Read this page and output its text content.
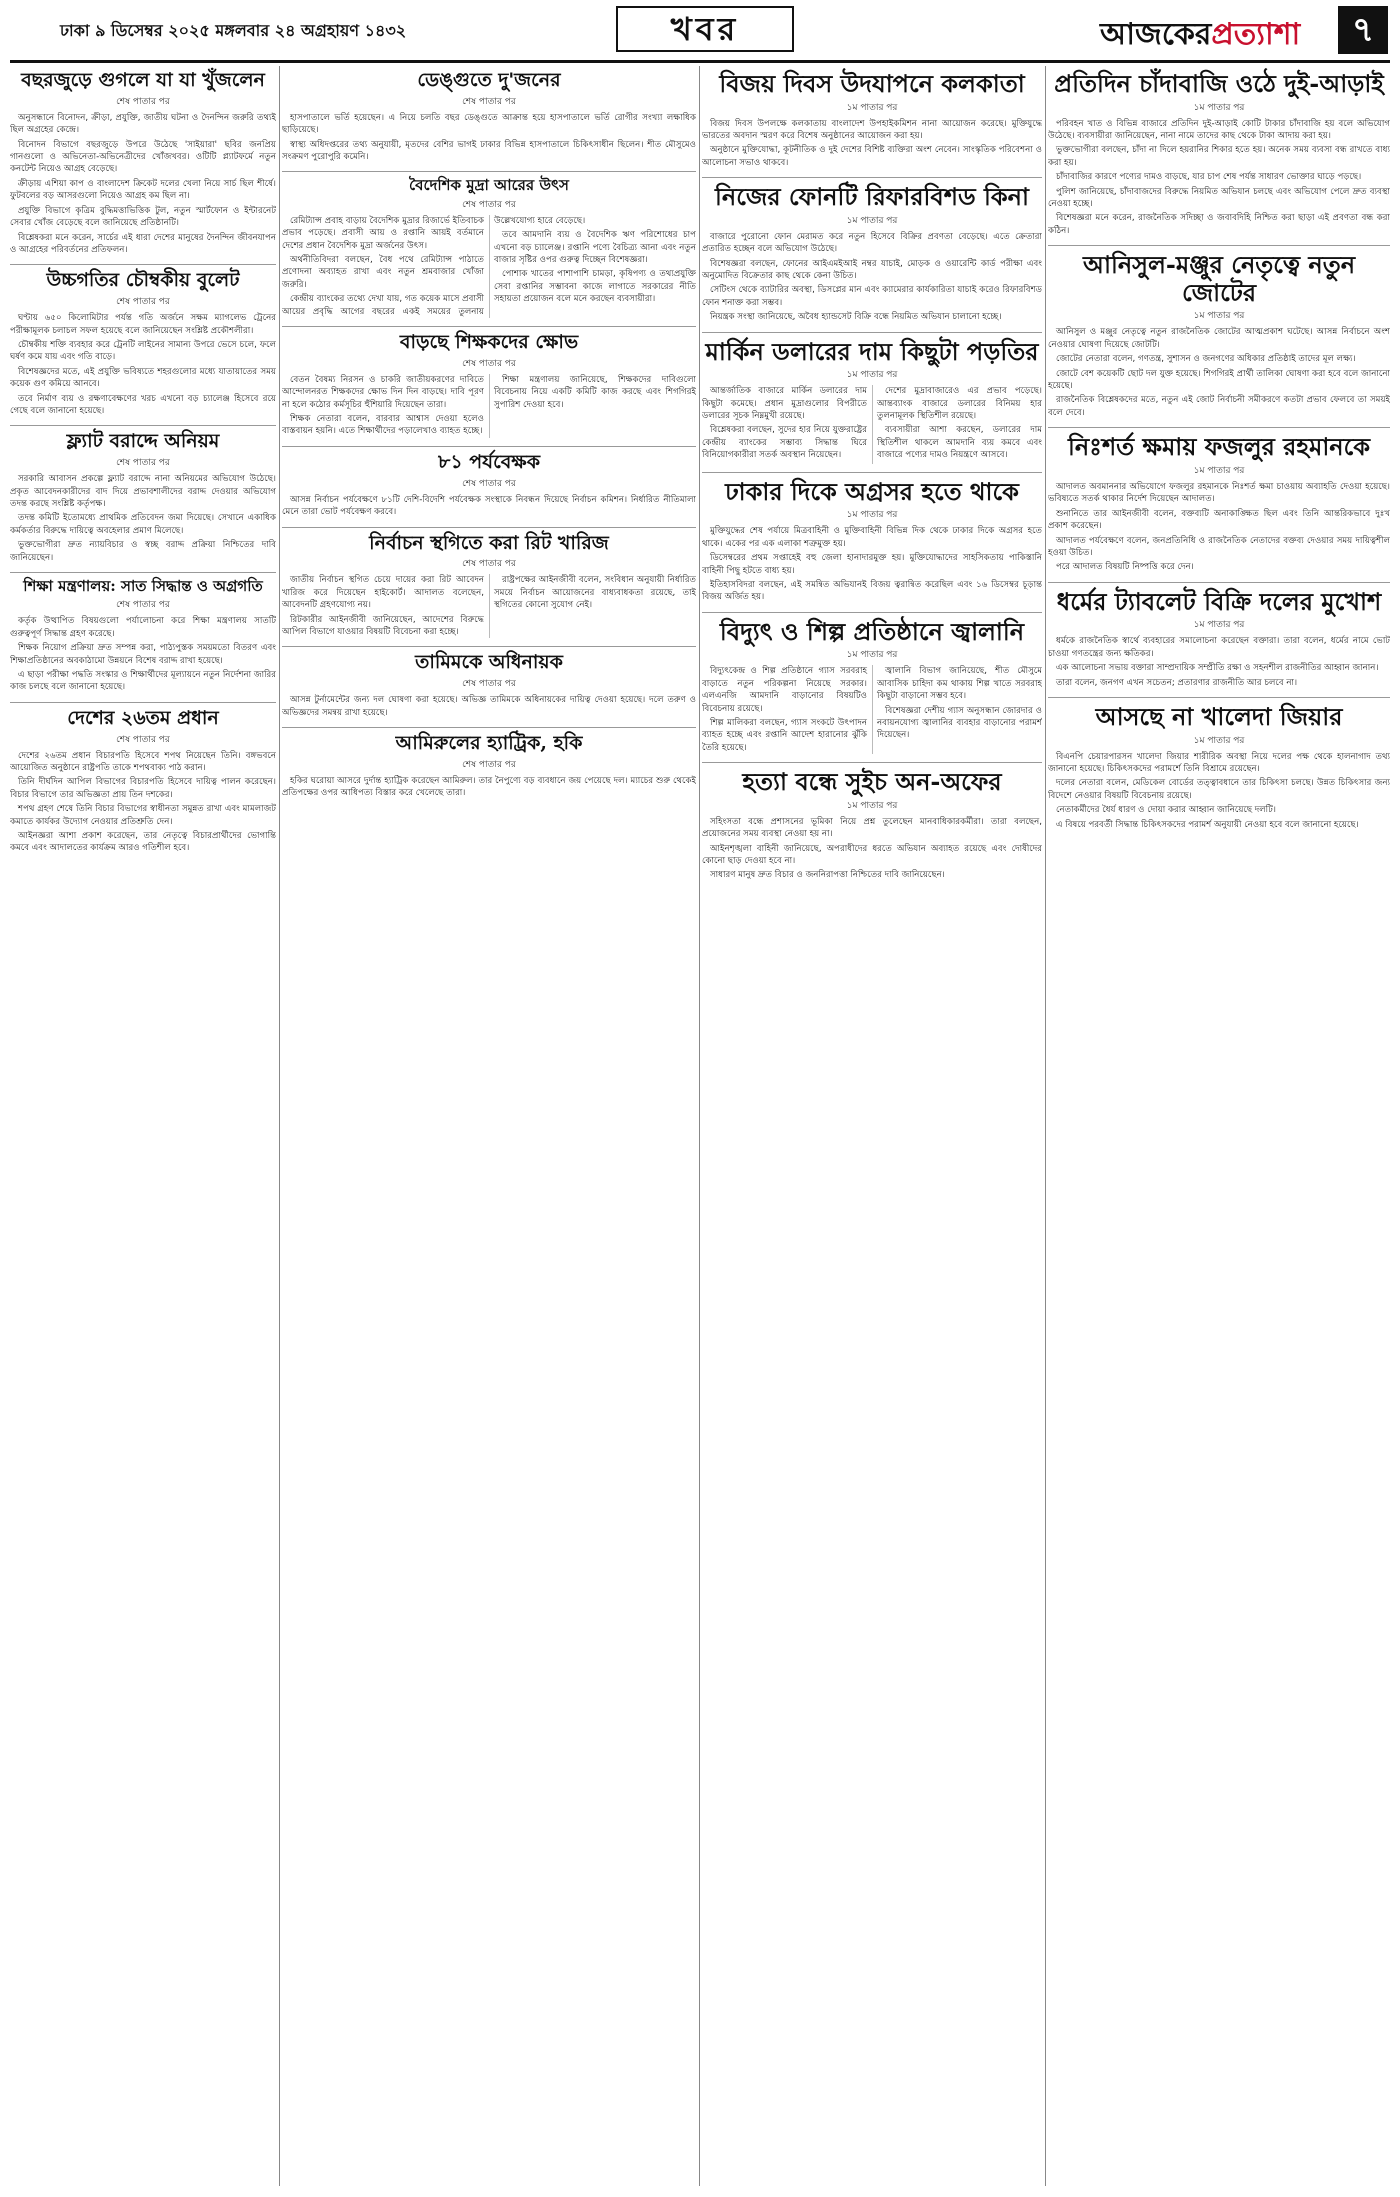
ঢাকা ৯ ডিসেম্বর ২০২৫ মঙ্গলবার ২৪ অগ্রহায়ণ ১৪৩২	খবর	আজকেরপ্রত্যাশা	৭
বছরজুড়ে গুগলে যা যা খুঁজলেন
শেষ পাতার পর

অনুসন্ধানে বিনোদন, ক্রীড়া, প্রযুক্তি, জাতীয় ঘটনা ও দৈনন্দিন জরুরি তথ্যই ছিল অগ্রহের কেন্দ্রে।

বিনোদন বিভাগে বছরজুড়ে উপরে উঠেছে 'সাইয়ারা' ছবির জনপ্রিয় গানগুলো ও অভিনেতা-অভিনেত্রীদের খোঁজখবর। ওটিটি প্ল্যাটফর্মে নতুন কনটেন্ট নিয়েও আগ্রহ বেড়েছে।

ক্রীড়ায় এশিয়া কাপ ও বাংলাদেশ ক্রিকেট দলের খেলা নিয়ে সার্চ ছিল শীর্ষে। ফুটবলের বড় আসরগুলো নিয়েও আগ্রহ কম ছিল না।

প্রযুক্তি বিভাগে কৃত্রিম বুদ্ধিমত্তাভিত্তিক টুল, নতুন স্মার্টফোন ও ইন্টারনেট সেবার খোঁজ বেড়েছে বলে জানিয়েছে প্রতিষ্ঠানটি।

বিশ্লেষকরা মনে করেন, সার্চের এই ধারা দেশের মানুষের দৈনন্দিন জীবনযাপন ও আগ্রহের পরিবর্তনের প্রতিফলন।

উচ্চগতির চৌম্বকীয় বুলেট
শেষ পাতার পর

ঘণ্টায় ৬৫০ কিলোমিটার পর্যন্ত গতি অর্জনে সক্ষম ম্যাগলেভ ট্রেনের পরীক্ষামূলক চলাচল সফল হয়েছে বলে জানিয়েছেন সংশ্লিষ্ট প্রকৌশলীরা।

চৌম্বকীয় শক্তি ব্যবহার করে ট্রেনটি লাইনের সামান্য উপরে ভেসে চলে, ফলে ঘর্ষণ কমে যায় এবং গতি বাড়ে।

বিশেষজ্ঞদের মতে, এই প্রযুক্তি ভবিষ্যতে শহরগুলোর মধ্যে যাতায়াতের সময় কয়েক গুণ কমিয়ে আনবে।

তবে নির্মাণ ব্যয় ও রক্ষণাবেক্ষণের খরচ এখনো বড় চ্যালেঞ্জ হিসেবে রয়ে গেছে বলে জানানো হয়েছে।

ফ্ল্যাট বরাদ্দে অনিয়ম
শেষ পাতার পর

সরকারি আবাসন প্রকল্পে ফ্ল্যাট বরাদ্দে নানা অনিয়মের অভিযোগ উঠেছে। প্রকৃত আবেদনকারীদের বাদ দিয়ে প্রভাবশালীদের বরাদ্দ দেওয়ার অভিযোগ তদন্ত করছে সংশ্লিষ্ট কর্তৃপক্ষ।

তদন্ত কমিটি ইতোমধ্যে প্রাথমিক প্রতিবেদন জমা দিয়েছে। সেখানে একাধিক কর্মকর্তার বিরুদ্ধে দায়িত্বে অবহেলার প্রমাণ মিলেছে।

ভুক্তভোগীরা দ্রুত ন্যায়বিচার ও স্বচ্ছ বরাদ্দ প্রক্রিয়া নিশ্চিতের দাবি জানিয়েছেন।

শিক্ষা মন্ত্রণালয়: সাত সিদ্ধান্ত ও অগ্রগতি
শেষ পাতার পর

কর্তৃক উত্থাপিত বিষয়গুলো পর্যালোচনা করে শিক্ষা মন্ত্রণালয় সাতটি গুরুত্বপূর্ণ সিদ্ধান্ত গ্রহণ করেছে।

শিক্ষক নিয়োগ প্রক্রিয়া দ্রুত সম্পন্ন করা, পাঠ্যপুস্তক সময়মতো বিতরণ এবং শিক্ষাপ্রতিষ্ঠানের অবকাঠামো উন্নয়নে বিশেষ বরাদ্দ রাখা হয়েছে।

এ ছাড়া পরীক্ষা পদ্ধতি সংস্কার ও শিক্ষার্থীদের মূল্যায়নে নতুন নির্দেশনা জারির কাজ চলছে বলে জানানো হয়েছে।

দেশের ২৬তম প্রধান
শেষ পাতার পর

দেশের ২৬তম প্রধান বিচারপতি হিসেবে শপথ নিয়েছেন তিনি। বঙ্গভবনে আয়োজিত অনুষ্ঠানে রাষ্ট্রপতি তাকে শপথবাক্য পাঠ করান।

তিনি দীর্ঘদিন আপিল বিভাগের বিচারপতি হিসেবে দায়িত্ব পালন করেছেন। বিচার বিভাগে তার অভিজ্ঞতা প্রায় তিন দশকের।

শপথ গ্রহণ শেষে তিনি বিচার বিভাগের স্বাধীনতা সমুন্নত রাখা এবং মামলাজট কমাতে কার্যকর উদ্যোগ নেওয়ার প্রতিশ্রুতি দেন।

আইনজ্ঞরা আশা প্রকাশ করেছেন, তার নেতৃত্বে বিচারপ্রার্থীদের ভোগান্তি কমবে এবং আদালতের কার্যক্রম আরও গতিশীল হবে।

ডেঙ্গুতে দু'জনের
শেষ পাতার পর

হাসপাতালে ভর্তি হয়েছেন। এ নিয়ে চলতি বছর ডেঙ্গুতে আক্রান্ত হয়ে হাসপাতালে ভর্তি রোগীর সংখ্যা লক্ষাধিক ছাড়িয়েছে।

স্বাস্থ্য অধিদপ্তরের তথ্য অনুযায়ী, মৃতদের বেশির ভাগই ঢাকার বিভিন্ন হাসপাতালে চিকিৎসাধীন ছিলেন। শীত মৌসুমেও সংক্রমণ পুরোপুরি কমেনি।

বৈদেশিক মুদ্রা আরের উৎস
শেষ পাতার পর

রেমিট্যান্স প্রবাহ বাড়ায় বৈদেশিক মুদ্রার রিজার্ভে ইতিবাচক প্রভাব পড়েছে। প্রবাসী আয় ও রপ্তানি আয়ই বর্তমানে দেশের প্রধান বৈদেশিক মুদ্রা অর্জনের উৎস।

অর্থনীতিবিদরা বলছেন, বৈধ পথে রেমিট্যান্স পাঠাতে প্রণোদনা অব্যাহত রাখা এবং নতুন শ্রমবাজার খোঁজা জরুরি।

কেন্দ্রীয় ব্যাংকের তথ্যে দেখা যায়, গত কয়েক মাসে প্রবাসী আয়ের প্রবৃদ্ধি আগের বছরের একই সময়ের তুলনায় উল্লেখযোগ্য হারে বেড়েছে।

তবে আমদানি ব্যয় ও বৈদেশিক ঋণ পরিশোধের চাপ এখনো বড় চ্যালেঞ্জ। রপ্তানি পণ্যে বৈচিত্র্য আনা এবং নতুন বাজার সৃষ্টির ওপর গুরুত্ব দিচ্ছেন বিশেষজ্ঞরা।

পোশাক খাতের পাশাপাশি চামড়া, কৃষিপণ্য ও তথ্যপ্রযুক্তি সেবা রপ্তানির সম্ভাবনা কাজে লাগাতে সরকারের নীতি সহায়তা প্রয়োজন বলে মনে করছেন ব্যবসায়ীরা।

বাড়ছে শিক্ষকদের ক্ষোভ
শেষ পাতার পর

বেতন বৈষম্য নিরসন ও চাকরি জাতীয়করণের দাবিতে আন্দোলনরত শিক্ষকদের ক্ষোভ দিন দিন বাড়ছে। দাবি পূরণ না হলে কঠোর কর্মসূচির হুঁশিয়ারি দিয়েছেন তারা।

শিক্ষক নেতারা বলেন, বারবার আশ্বাস দেওয়া হলেও বাস্তবায়ন হয়নি। এতে শিক্ষার্থীদের পড়ালেখাও ব্যাহত হচ্ছে।

শিক্ষা মন্ত্রণালয় জানিয়েছে, শিক্ষকদের দাবিগুলো বিবেচনায় নিয়ে একটি কমিটি কাজ করছে এবং শিগগিরই সুপারিশ দেওয়া হবে।

৮১ পর্যবেক্ষক
শেষ পাতার পর

আসন্ন নির্বাচন পর্যবেক্ষণে ৮১টি দেশি-বিদেশি পর্যবেক্ষক সংস্থাকে নিবন্ধন দিয়েছে নির্বাচন কমিশন। নির্ধারিত নীতিমালা মেনে তারা ভোট পর্যবেক্ষণ করবে।

নির্বাচন স্থগিতে করা রিট খারিজ
শেষ পাতার পর

জাতীয় নির্বাচন স্থগিত চেয়ে দায়ের করা রিট আবেদন খারিজ করে দিয়েছেন হাইকোর্ট। আদালত বলেছেন, আবেদনটি গ্রহণযোগ্য নয়।

রিটকারীর আইনজীবী জানিয়েছেন, আদেশের বিরুদ্ধে আপিল বিভাগে যাওয়ার বিষয়টি বিবেচনা করা হচ্ছে।

রাষ্ট্রপক্ষের আইনজীবী বলেন, সংবিধান অনুযায়ী নির্ধারিত সময়ে নির্বাচন আয়োজনের বাধ্যবাধকতা রয়েছে, তাই স্থগিতের কোনো সুযোগ নেই।

তামিমকে অধিনায়ক
শেষ পাতার পর

আসন্ন টুর্নামেন্টের জন্য দল ঘোষণা করা হয়েছে। অভিজ্ঞ তামিমকে অধিনায়কের দায়িত্ব দেওয়া হয়েছে। দলে তরুণ ও অভিজ্ঞদের সমন্বয় রাখা হয়েছে।

আমিরুলের হ্যাট্রিক, হকি
শেষ পাতার পর

হকির ঘরোয়া আসরে দুর্দান্ত হ্যাট্রিক করেছেন আমিরুল। তার নৈপুণ্যে বড় ব্যবধানে জয় পেয়েছে দল। ম্যাচের শুরু থেকেই প্রতিপক্ষের ওপর আধিপত্য বিস্তার করে খেলেছে তারা।

বিজয় দিবস উদযাপনে কলকাতা
১ম পাতার পর

বিজয় দিবস উপলক্ষে কলকাতায় বাংলাদেশ উপহাইকমিশন নানা আয়োজন করেছে। মুক্তিযুদ্ধে ভারতের অবদান স্মরণ করে বিশেষ অনুষ্ঠানের আয়োজন করা হয়।

অনুষ্ঠানে মুক্তিযোদ্ধা, কূটনীতিক ও দুই দেশের বিশিষ্ট ব্যক্তিরা অংশ নেবেন। সাংস্কৃতিক পরিবেশনা ও আলোচনা সভাও থাকবে।

নিজের ফোনটি রিফারবিশড কিনা
১ম পাতার পর

বাজারে পুরোনো ফোন মেরামত করে নতুন হিসেবে বিক্রির প্রবণতা বেড়েছে। এতে ক্রেতারা প্রতারিত হচ্ছেন বলে অভিযোগ উঠেছে।

বিশেষজ্ঞরা বলছেন, ফোনের আইএমইআই নম্বর যাচাই, মোড়ক ও ওয়ারেন্টি কার্ড পরীক্ষা এবং অনুমোদিত বিক্রেতার কাছ থেকে কেনা উচিত।

সেটিংস থেকে ব্যাটারির অবস্থা, ডিসপ্লের মান এবং ক্যামেরার কার্যকারিতা যাচাই করেও রিফারবিশড ফোন শনাক্ত করা সম্ভব।

নিয়ন্ত্রক সংস্থা জানিয়েছে, অবৈধ হ্যান্ডসেট বিক্রি বন্ধে নিয়মিত অভিযান চালানো হচ্ছে।

মার্কিন ডলারের দাম কিছুটা পড়তির
১ম পাতার পর

আন্তর্জাতিক বাজারে মার্কিন ডলারের দাম কিছুটা কমেছে। প্রধান মুদ্রাগুলোর বিপরীতে ডলারের সূচক নিম্নমুখী রয়েছে।

বিশ্লেষকরা বলছেন, সুদের হার নিয়ে যুক্তরাষ্ট্রের কেন্দ্রীয় ব্যাংকের সম্ভাব্য সিদ্ধান্ত ঘিরে বিনিয়োগকারীরা সতর্ক অবস্থান নিয়েছেন।

দেশের মুদ্রাবাজারেও এর প্রভাব পড়েছে। আন্তব্যাংক বাজারে ডলারের বিনিময় হার তুলনামূলক স্থিতিশীল রয়েছে।

ব্যবসায়ীরা আশা করছেন, ডলারের দাম স্থিতিশীল থাকলে আমদানি ব্যয় কমবে এবং বাজারে পণ্যের দামও নিয়ন্ত্রণে আসবে।

ঢাকার দিকে অগ্রসর হতে থাকে
১ম পাতার পর

মুক্তিযুদ্ধের শেষ পর্যায়ে মিত্রবাহিনী ও মুক্তিবাহিনী বিভিন্ন দিক থেকে ঢাকার দিকে অগ্রসর হতে থাকে। একের পর এক এলাকা শত্রুমুক্ত হয়।

ডিসেম্বরের প্রথম সপ্তাহেই বহু জেলা হানাদারমুক্ত হয়। মুক্তিযোদ্ধাদের সাহসিকতায় পাকিস্তানি বাহিনী পিছু হটতে বাধ্য হয়।

ইতিহাসবিদরা বলছেন, এই সমন্বিত অভিযানই বিজয় ত্বরান্বিত করেছিল এবং ১৬ ডিসেম্বর চূড়ান্ত বিজয় অর্জিত হয়।

বিদ্যুৎ ও শিল্প প্রতিষ্ঠানে জ্বালানি
১ম পাতার পর

বিদ্যুৎকেন্দ্র ও শিল্প প্রতিষ্ঠানে গ্যাস সরবরাহ বাড়াতে নতুন পরিকল্পনা নিয়েছে সরকার। এলএনজি আমদানি বাড়ানোর বিষয়টিও বিবেচনায় রয়েছে।

শিল্প মালিকরা বলছেন, গ্যাস সংকটে উৎপাদন ব্যাহত হচ্ছে এবং রপ্তানি আদেশ হারানোর ঝুঁকি তৈরি হয়েছে।

জ্বালানি বিভাগ জানিয়েছে, শীত মৌসুমে আবাসিক চাহিদা কম থাকায় শিল্প খাতে সরবরাহ কিছুটা বাড়ানো সম্ভব হবে।

বিশেষজ্ঞরা দেশীয় গ্যাস অনুসন্ধান জোরদার ও নবায়নযোগ্য জ্বালানির ব্যবহার বাড়ানোর পরামর্শ দিয়েছেন।

হত্যা বন্ধে সুইচ অন-অফের
১ম পাতার পর

সহিংসতা বন্ধে প্রশাসনের ভূমিকা নিয়ে প্রশ্ন তুলেছেন মানবাধিকারকর্মীরা। তারা বলছেন, প্রয়োজনের সময় ব্যবস্থা নেওয়া হয় না।

আইনশৃঙ্খলা বাহিনী জানিয়েছে, অপরাধীদের ধরতে অভিযান অব্যাহত রয়েছে এবং দোষীদের কোনো ছাড় দেওয়া হবে না।

সাধারণ মানুষ দ্রুত বিচার ও জননিরাপত্তা নিশ্চিতের দাবি জানিয়েছেন।

প্রতিদিন চাঁদাবাজি ওঠে দুই-আড়াই
১ম পাতার পর

পরিবহন খাত ও বিভিন্ন বাজারে প্রতিদিন দুই-আড়াই কোটি টাকার চাঁদাবাজি হয় বলে অভিযোগ উঠেছে। ব্যবসায়ীরা জানিয়েছেন, নানা নামে তাদের কাছ থেকে টাকা আদায় করা হয়।

ভুক্তভোগীরা বলছেন, চাঁদা না দিলে হয়রানির শিকার হতে হয়। অনেক সময় ব্যবসা বন্ধ রাখতে বাধ্য করা হয়।

চাঁদাবাজির কারণে পণ্যের দামও বাড়ছে, যার চাপ শেষ পর্যন্ত সাধারণ ভোক্তার ঘাড়ে পড়ছে।

পুলিশ জানিয়েছে, চাঁদাবাজদের বিরুদ্ধে নিয়মিত অভিযান চলছে এবং অভিযোগ পেলে দ্রুত ব্যবস্থা নেওয়া হচ্ছে।

বিশেষজ্ঞরা মনে করেন, রাজনৈতিক সদিচ্ছা ও জবাবদিহি নিশ্চিত করা ছাড়া এই প্রবণতা বন্ধ করা কঠিন।

আনিসুল-মঞ্জুর নেতৃত্বে নতুন জোটের
১ম পাতার পর

আনিসুল ও মঞ্জুর নেতৃত্বে নতুন রাজনৈতিক জোটের আত্মপ্রকাশ ঘটেছে। আসন্ন নির্বাচনে অংশ নেওয়ার ঘোষণা দিয়েছে জোটটি।

জোটের নেতারা বলেন, গণতন্ত্র, সুশাসন ও জনগণের অধিকার প্রতিষ্ঠাই তাদের মূল লক্ষ্য।

জোটে বেশ কয়েকটি ছোট দল যুক্ত হয়েছে। শিগগিরই প্রার্থী তালিকা ঘোষণা করা হবে বলে জানানো হয়েছে।

রাজনৈতিক বিশ্লেষকদের মতে, নতুন এই জোট নির্বাচনী সমীকরণে কতটা প্রভাব ফেলবে তা সময়ই বলে দেবে।

নিঃশর্ত ক্ষমায় ফজলুর রহমানকে
১ম পাতার পর

আদালত অবমাননার অভিযোগে ফজলুর রহমানকে নিঃশর্ত ক্ষমা চাওয়ায় অব্যাহতি দেওয়া হয়েছে। ভবিষ্যতে সতর্ক থাকার নির্দেশ দিয়েছেন আদালত।

শুনানিতে তার আইনজীবী বলেন, বক্তব্যটি অনাকাঙ্ক্ষিত ছিল এবং তিনি আন্তরিকভাবে দুঃখ প্রকাশ করেছেন।

আদালত পর্যবেক্ষণে বলেন, জনপ্রতিনিধি ও রাজনৈতিক নেতাদের বক্তব্য দেওয়ার সময় দায়িত্বশীল হওয়া উচিত।

পরে আদালত বিষয়টি নিষ্পত্তি করে দেন।

ধর্মের ট্যাবলেট বিক্রি দলের মুখোশ
১ম পাতার পর

ধর্মকে রাজনৈতিক স্বার্থে ব্যবহারের সমালোচনা করেছেন বক্তারা। তারা বলেন, ধর্মের নামে ভোট চাওয়া গণতন্ত্রের জন্য ক্ষতিকর।

এক আলোচনা সভায় বক্তারা সাম্প্রদায়িক সম্প্রীতি রক্ষা ও সহনশীল রাজনীতির আহ্বান জানান।

তারা বলেন, জনগণ এখন সচেতন; প্রতারণার রাজনীতি আর চলবে না।

আসছে না খালেদা জিয়ার
১ম পাতার পর

বিএনপি চেয়ারপারসন খালেদা জিয়ার শারীরিক অবস্থা নিয়ে দলের পক্ষ থেকে হালনাগাদ তথ্য জানানো হয়েছে। চিকিৎসকদের পরামর্শে তিনি বিশ্রামে রয়েছেন।

দলের নেতারা বলেন, মেডিকেল বোর্ডের তত্ত্বাবধানে তার চিকিৎসা চলছে। উন্নত চিকিৎসার জন্য বিদেশে নেওয়ার বিষয়টি বিবেচনায় রয়েছে।

নেতাকর্মীদের ধৈর্য ধারণ ও দোয়া করার আহ্বান জানিয়েছে দলটি।

এ বিষয়ে পরবর্তী সিদ্ধান্ত চিকিৎসকদের পরামর্শ অনুযায়ী নেওয়া হবে বলে জানানো হয়েছে।
